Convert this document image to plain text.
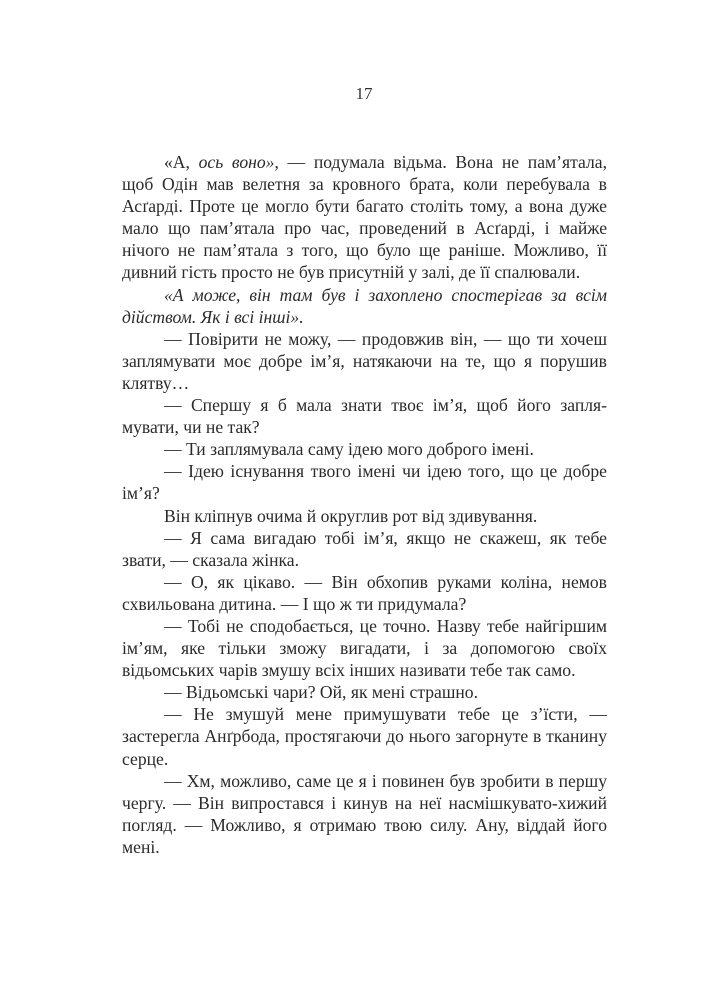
17

«А, ось воно», — подумала відьма. Вона не пам’ятала, щоб Одін мав велетня за кровного брата, коли перебувала в Асґарді. Проте це могло бути багато століть тому, а вона дуже мало що пам’ятала про час, проведений в Асґарді, і майже нічого не пам’ятала з того, що було ще раніше. Можливо, її дивний гість просто не був присутній у залі, де її спалювали.

«А може, він там був і захоплено спостерігав за всім дійством. Як і всі інші».

— Повірити не можу, — продовжив він, — що ти хочеш заплямувати моє добре ім’я, натякаючи на те, що я порушив клятву…

— Спершу я б мала знати твоє ім’я, щоб його заплямувати, чи не так?

— Ти заплямувала саму ідею мого доброго імені.

— Ідею існування твого імені чи ідею того, що це добре ім’я?

Він кліпнув очима й округлив рот від здивування.

— Я сама вигадаю тобі ім’я, якщо не скажеш, як тебе звати, — сказала жінка.

— О, як цікаво. — Він обхопив руками коліна, немов схвильована дитина. — І що ж ти придумала?

— Тобі не сподобається, це точно. Назву тебе найгіршим ім’ям, яке тільки зможу вигадати, і за допомогою своїх відьомських чарів змушу всіх інших називати тебе так само.

— Відьомські чари? Ой, як мені страшно.

— Не змушуй мене примушувати тебе це з’їсти, — застерегла Анґрбода, простягаючи до нього загорнуте в тканину серце.

— Хм, можливо, саме це я і повинен був зробити в першу чергу. — Він випростався і кинув на неї насмішкувато-хижий погляд. — Можливо, я отримаю твою силу. Ану, віддай його мені.
